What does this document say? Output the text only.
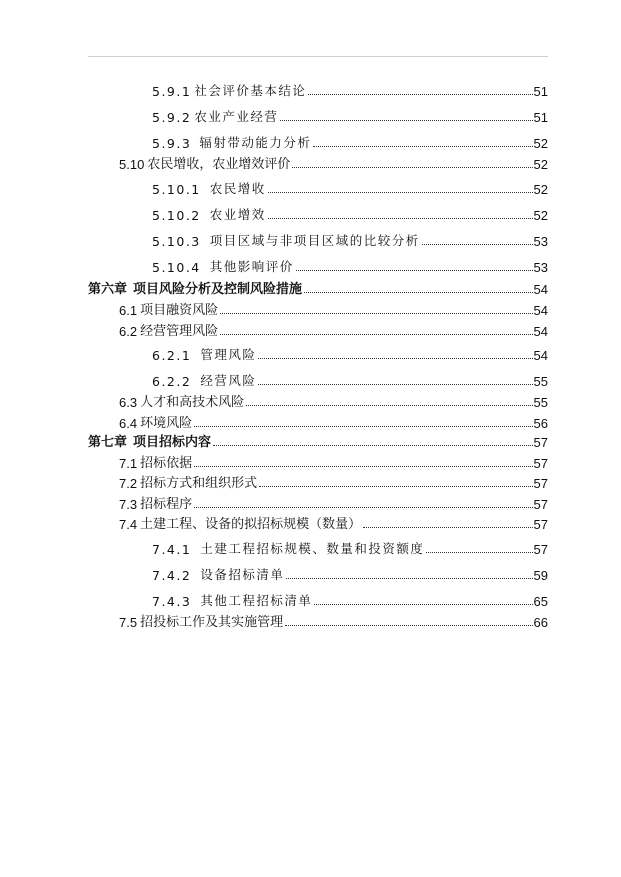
5.9.1 社会评价基本结论	51
5.9.2 农业产业经营	51
5.9.3 辐射带动能力分析	52
5.10 农民增收，农业增效评价	52
5.10.1 农民增收	52
5.10.2 农业增效	52
5.10.3 项目区域与非项目区域的比较分析	53
5.10.4 其他影响评价	53
第六章 项目风险分析及控制风险措施	54
6.1 项目融资风险	54
6.2 经营管理风险	54
6.2.1 管理风险	54
6.2.2 经营风险	55
6.3 人才和高技术风险	55
6.4 环境风险	56
第七章 项目招标内容	57
7.1 招标依据	57
7.2 招标方式和组织形式	57
7.3 招标程序	57
7.4 土建工程、设备的拟招标规模（数量）	57
7.4.1 土建工程招标规模、数量和投资额度	57
7.4.2 设备招标清单	59
7.4.3 其他工程招标清单	65
7.5 招投标工作及其实施管理	66
